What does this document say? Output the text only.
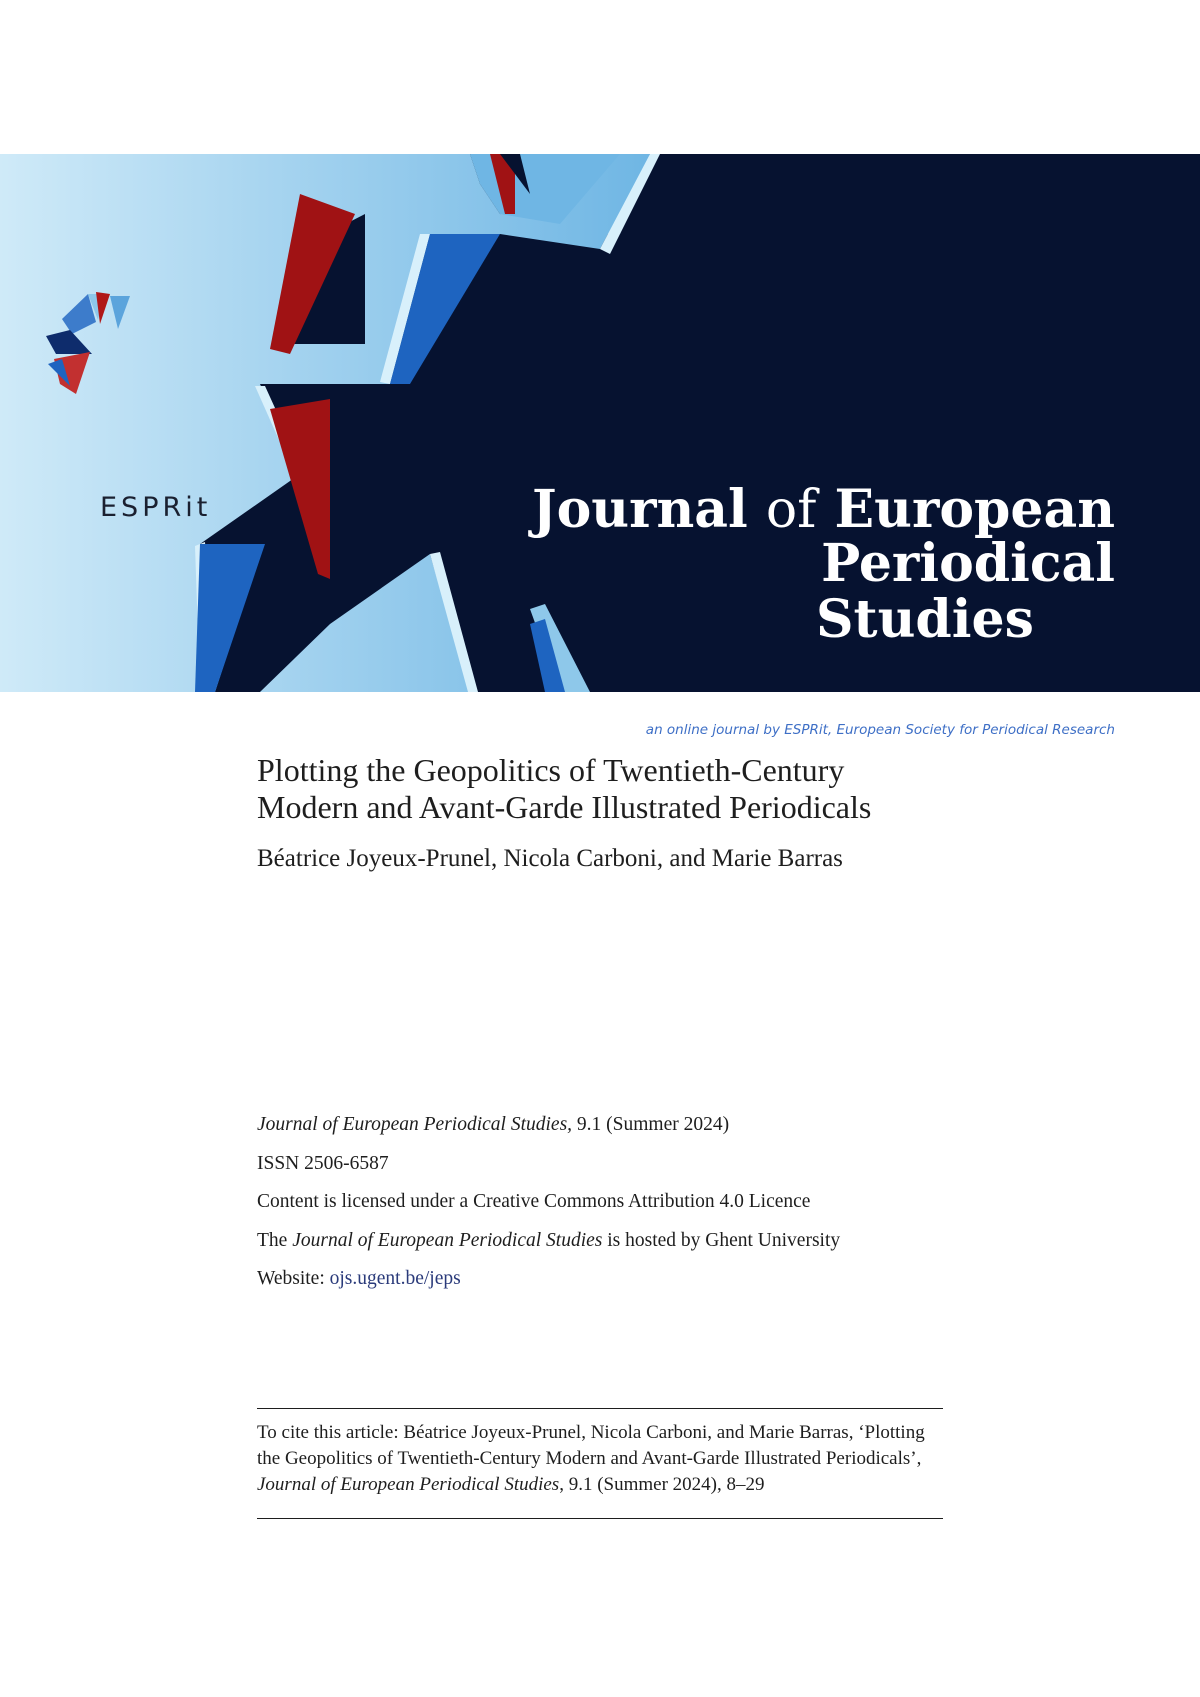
ESPRit	Journal of European
Periodical
Studies
an online journal by ESPRit, European Society for Periodical Research
Plotting the Geopolitics of Twentieth-Century
Modern and Avant-Garde Illustrated Periodicals
Béatrice Joyeux-Prunel, Nicola Carboni, and Marie Barras
Journal of European Periodical Studies, 9.1 (Summer 2024)
ISSN 2506-6587
Content is licensed under a Creative Commons Attribution 4.0 Licence
The Journal of European Periodical Studies is hosted by Ghent University
Website: ojs.ugent.be/jeps
To cite this article: Béatrice Joyeux-Prunel, Nicola Carboni, and Marie Barras, ‘Plotting
the Geopolitics of Twentieth-Century Modern and Avant-Garde Illustrated Periodicals’,
Journal of European Periodical Studies, 9.1 (Summer 2024), 8–29
